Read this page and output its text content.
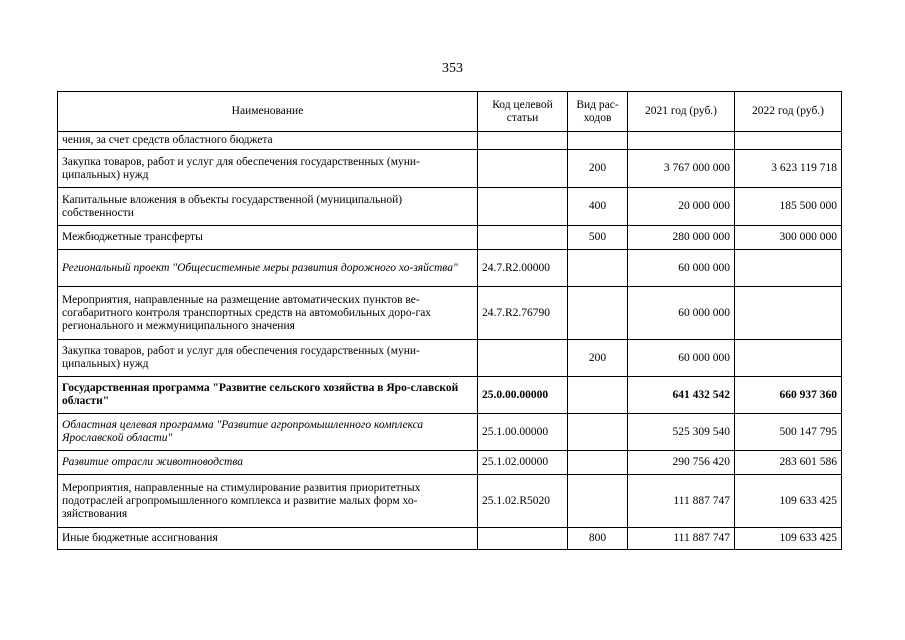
353
Наименование	Код целевой статьи	Вид рас-ходов	2021 год (руб.)	2022 год (руб.)
чения, за счет средств областного бюджета				
Закупка товаров, работ и услуг для обеспечения государственных (муни-ципальных) нужд		200	3 767 000 000	3 623 119 718
Капитальные вложения в объекты государственной (муниципальной) собственности		400	20 000 000	185 500 000
Межбюджетные трансферты		500	280 000 000	300 000 000
Региональный проект "Общесистемные меры развития дорожного хо-зяйства"	24.7.R2.00000		60 000 000	
Мероприятия, направленные на размещение автоматических пунктов ве-согабаритного контроля транспортных средств на автомобильных доро-гах регионального и межмуниципального значения	24.7.R2.76790		60 000 000	
Закупка товаров, работ и услуг для обеспечения государственных (муни-ципальных) нужд		200	60 000 000	
Государственная программа "Развитие сельского хозяйства в Яро-славской области"	25.0.00.00000		641 432 542	660 937 360
Областная целевая программа "Развитие агропромышленного комплекса Ярославской области"	25.1.00.00000		525 309 540	500 147 795
Развитие отрасли животноводства	25.1.02.00000		290 756 420	283 601 586
Мероприятия, направленные на стимулирование развития приоритетных подотраслей агропромышленного комплекса и развитие малых форм хо-зяйствования	25.1.02.R5020		111 887 747	109 633 425
Иные бюджетные ассигнования		800	111 887 747	109 633 425
